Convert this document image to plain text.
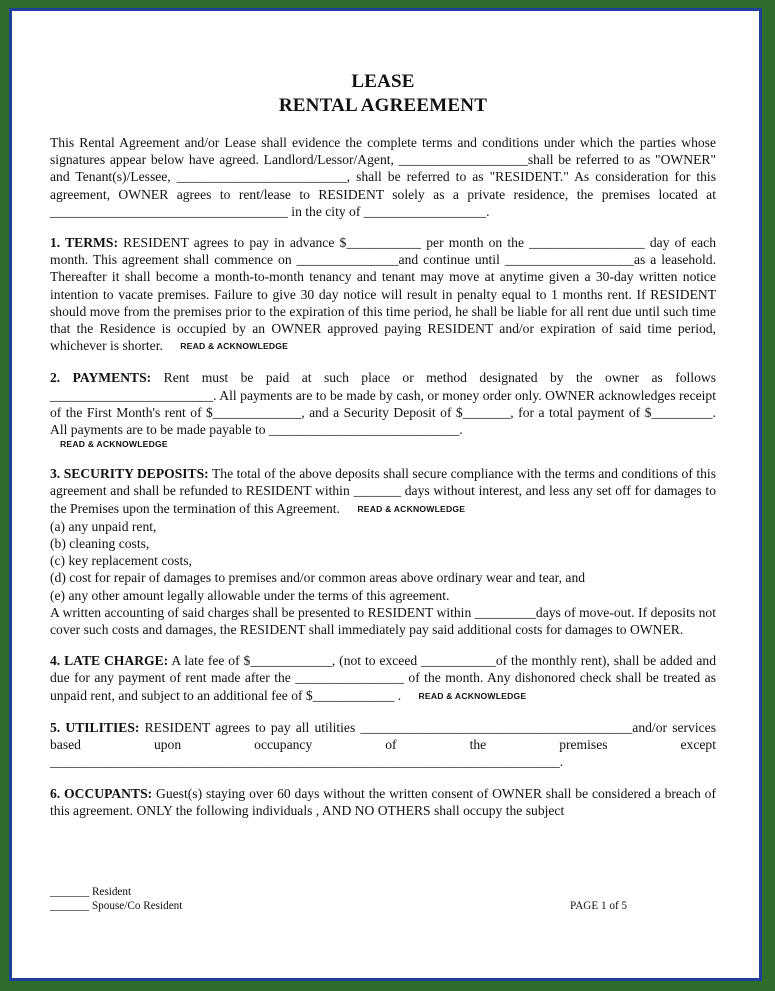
LEASE
RENTAL AGREEMENT
This Rental Agreement and/or Lease shall evidence the complete terms and conditions under which the parties whose signatures appear below have agreed. Landlord/Lessor/Agent, ___________________shall be referred to as "OWNER" and Tenant(s)/Lessee, _________________________, shall be referred to as "RESIDENT." As consideration for this agreement, OWNER agrees to rent/lease to RESIDENT solely as a private residence, the premises located at ___________________________________ in the city of __________________.
1. TERMS: RESIDENT agrees to pay in advance $___________ per month on the _________________ day of each month. This agreement shall commence on _______________and continue until ___________________as a leasehold. Thereafter it shall become a month-to-month tenancy and tenant may move at anytime given a 30-day written notice intention to vacate premises. Failure to give 30 day notice will result in penalty equal to 1 months rent. If RESIDENT should move from the premises prior to the expiration of this time period, he shall be liable for all rent due until such time that the Residence is occupied by an OWNER approved paying RESIDENT and/or expiration of said time period, whichever is shorter. READ & ACKNOWLEDGE
2. PAYMENTS: Rent must be paid at such place or method designated by the owner as follows ________________________. All payments are to be made by cash, or money order only. OWNER acknowledges receipt of the First Month's rent of $_____________, and a Security Deposit of $_______, for a total payment of $_________. All payments are to be made payable to ____________________________.
READ & ACKNOWLEDGE
3. SECURITY DEPOSITS: The total of the above deposits shall secure compliance with the terms and conditions of this agreement and shall be refunded to RESIDENT within _______ days without interest, and less any set off for damages to the Premises upon the termination of this Agreement. READ & ACKNOWLEDGE

(a) any unpaid rent,

(b) cleaning costs,

(c) key replacement costs,

(d) cost for repair of damages to premises and/or common areas above ordinary wear and tear, and

(e) any other amount legally allowable under the terms of this agreement.

A written accounting of said charges shall be presented to RESIDENT within _________days of move-out. If deposits not cover such costs and damages, the RESIDENT shall immediately pay said additional costs for damages to OWNER.

4. LATE CHARGE: A late fee of $____________, (not to exceed ___________of the monthly rent), shall be added and due for any payment of rent made after the ________________ of the month. Any dishonored check shall be treated as unpaid rent, and subject to an additional fee of $____________ . READ & ACKNOWLEDGE
5. UTILITIES: RESIDENT agrees to pay all utilities ________________________________________and/or services based upon occupancy of the premises except ___________________________________________________________________________.
6. OCCUPANTS: Guest(s) staying over 60 days without the written consent of OWNER shall be considered a breach of this agreement. ONLY the following individuals , AND NO OTHERS shall occupy the subject
_______ Resident
_______ Spouse/Co Resident	PAGE 1 of 5
